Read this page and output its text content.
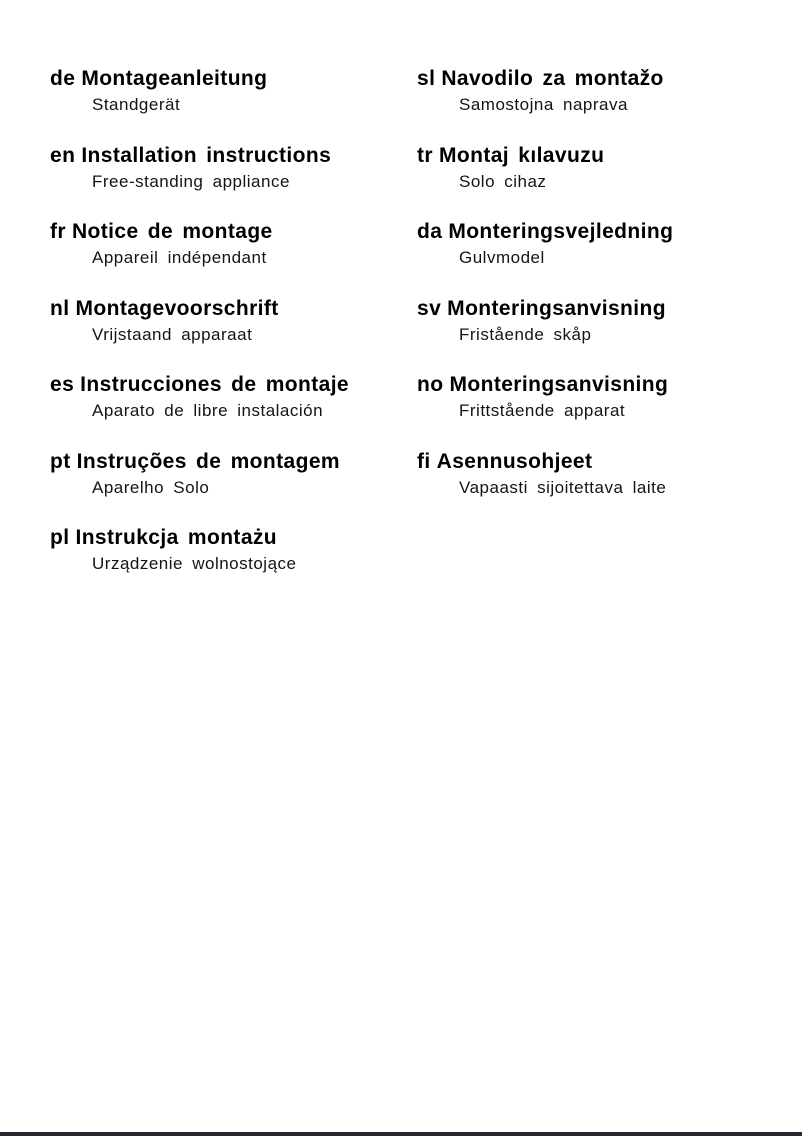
de Montageanleitung
Standgerät
en Installation instructions
Free-standing appliance
fr Notice de montage
Appareil indépendant
nl Montagevoorschrift
Vrijstaand apparaat
es Instrucciones de montaje
Aparato de libre instalación
pt Instruções de montagem
Aparelho Solo
pl Instrukcja montażu
Urządzenie wolnostojące
sl Navodilo za montažo
Samostojna naprava
tr Montaj kılavuzu
Solo cihaz
da Monteringsvejledning
Gulvmodel
sv Monteringsanvisning
Fristående skåp
no Monteringsanvisning
Frittstående apparat
fi Asennusohjeet
Vapaasti sijoitettava laite
